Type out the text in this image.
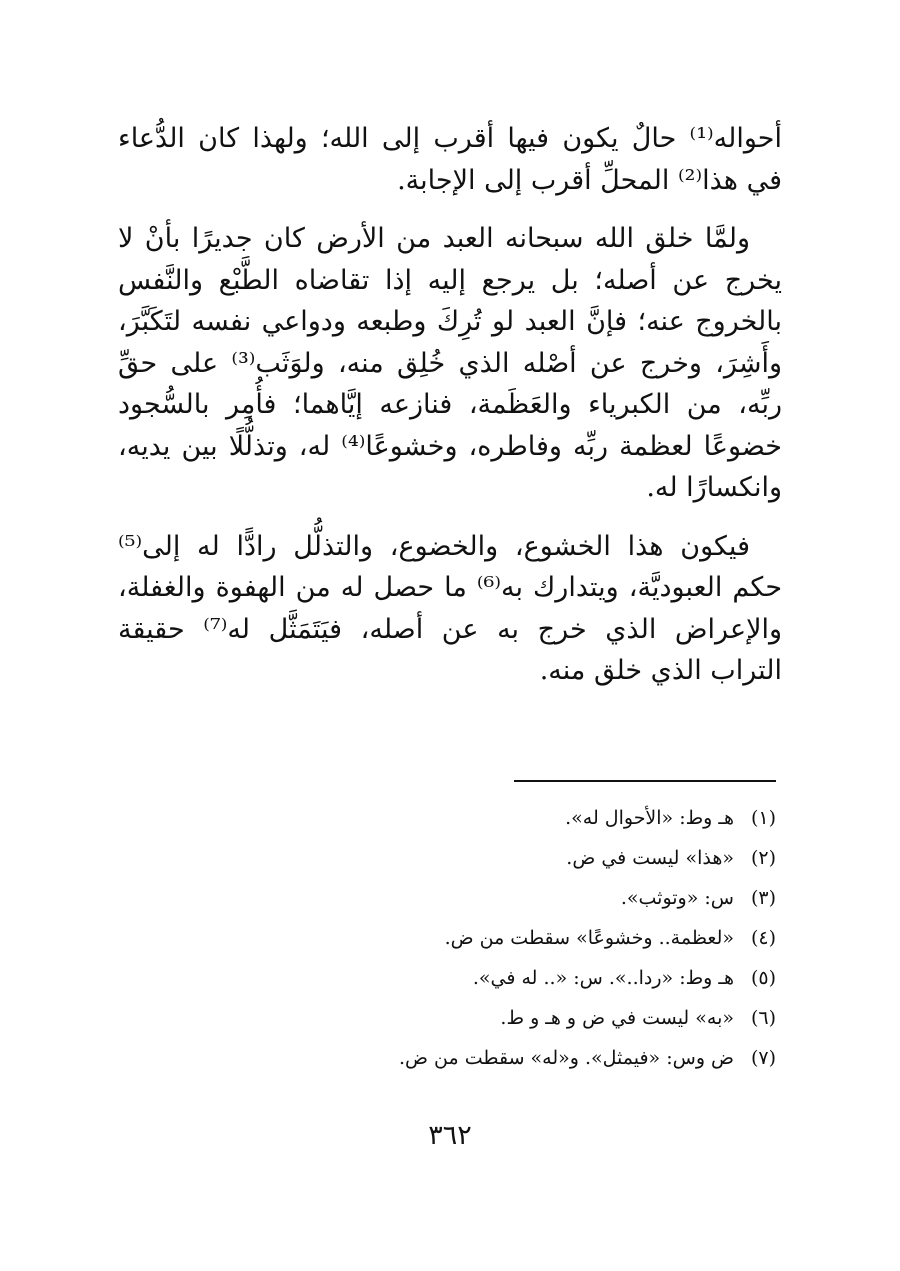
أحواله⁽¹⁾ حالٌ يكون فيها أقرب إلى الله؛ ولهذا كان الدُّعاء في هذا⁽²⁾ المحلِّ أقرب إلى الإجابة.

ولمَّا خلق الله سبحانه العبد من الأرض كان جديرًا بأنْ لا يخرج عن أصله؛ بل يرجع إليه إذا تقاضاه الطَّبْع والنَّفس بالخروج عنه؛ فإنَّ العبد لو تُرِكَ وطبعه ودواعي نفسه لتَكَبَّرَ، وأَشِرَ، وخرج عن أصْله الذي خُلِق منه، ولوَثَب⁽³⁾ على حقِّ ربِّه، من الكبرياء والعَظَمة، فنازعه إيَّاهما؛ فأُمِر بالسُّجود خضوعًا لعظمة ربِّه وفاطره، وخشوعًا⁽⁴⁾ له، وتذلُّلًا بين يديه، وانكسارًا له.

فيكون هذا الخشوع، والخضوع، والتذلُّل رادًّا له إلى⁽⁵⁾ حكم العبوديَّة، ويتدارك به⁽⁶⁾ ما حصل له من الهفوة والغفلة، والإعراض الذي خرج به عن أصله، فيَتَمَثَّل له⁽⁷⁾ حقيقة التراب الذي خلق منه.

(١)هـ وط: «الأحوال له».
(٢)«هذا» ليست في ض.
(٣)س: «وتوثب».
(٤)«لعظمة.. وخشوعًا» سقطت من ض.
(٥)هـ وط: «ردا..». س: «.. له في».
(٦)«به» ليست في ض و هـ و ط.
(٧)ض وس: «فيمثل». و«له» سقطت من ض.
٣٦٢
